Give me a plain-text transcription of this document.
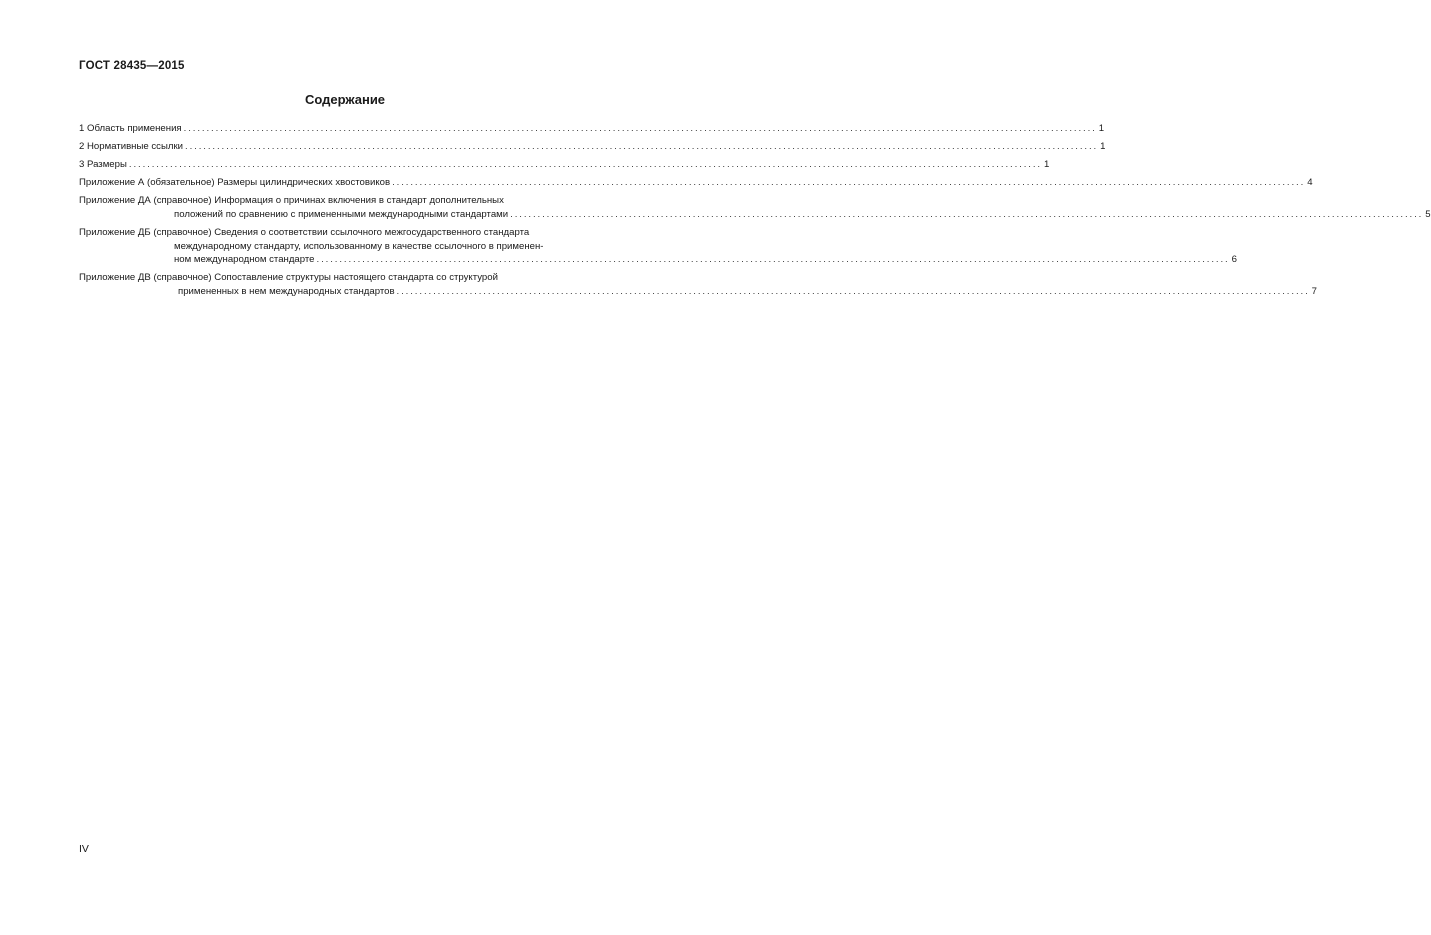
ГОСТ 28435—2015
Содержание
1 Область применения ........................................................................................................................................................................................................ 1
2 Нормативные ссылки ........................................................................................................................................................................................................ 1
3 Размеры ........................................................................................................................................................................................................ 1
Приложение А (обязательное) Размеры цилиндрических хвостовиков ........................................................................................................................................................................................................ 4
Приложение ДА (справочное) Информация о причинах включения в стандарт дополнительных
положений по сравнению с примененными международными стандартами ........................................................................................................................................................................................................ 5
Приложение ДБ (справочное) Сведения о соответствии ссылочного межгосударственного стандарта
международному стандарту, использованному в качестве ссылочного в применен-
ном международном стандарте ........................................................................................................................................................................................................ 6
Приложение ДВ (справочное) Сопоставление структуры настоящего стандарта со структурой
примененных в нем международных стандартов ........................................................................................................................................................................................................ 7
IV
